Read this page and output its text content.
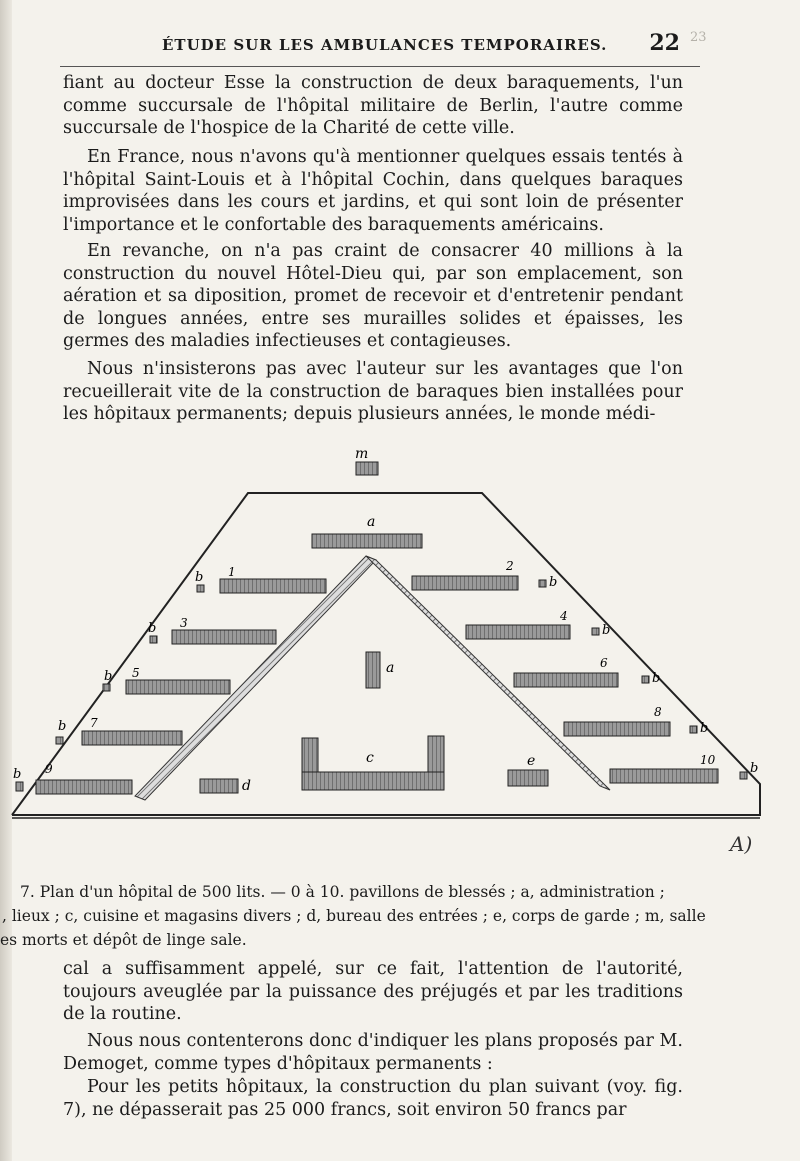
ÉTUDE SUR LES AMBULANCES TEMPORAIRES. 22 23

fiant au docteur Esse la construction de deux baraquements, l'un comme succursale de l'hôpital militaire de Berlin, l'autre comme succursale de l'hospice de la Charité de cette ville.

En France, nous n'avons qu'à mentionner quelques essais tentés à l'hôpital Saint-Louis et à l'hôpital Cochin, dans quelques baraques improvisées dans les cours et jardins, et qui sont loin de présenter l'importance et le confortable des baraquements américains.

En revanche, on n'a pas craint de consacrer 40 millions à la construction du nouvel Hôtel-Dieu qui, par son emplacement, son aération et sa diposition, promet de recevoir et d'entretenir pendant de longues années, entre ses murailles solides et épaisses, les germes des maladies infectieuses et contagieuses.

Nous n'insisterons pas avec l'auteur sur les avantages que l'on recueillerait vite de la construction de baraques bien installées pour les hôpitaux permanents; depuis plusieurs années, le monde médi-

m
a
a
1
3
5
7
9
2
4
6
8
10
b
b
b
b
b
b
b
b
b
b
d
c	e
A)
7. Plan d'un hôpital de 500 lits. — 0 à 10. pavillons de blessés ; a, administration ;
, lieux ; c, cuisine et magasins divers ; d, bureau des entrées ; e, corps de garde ; m, salle
es morts et dépôt de linge sale.

cal a suffisamment appelé, sur ce fait, l'attention de l'autorité, toujours aveuglée par la puissance des préjugés et par les traditions de la routine.

Nous nous contenterons donc d'indiquer les plans proposés par M. Demoget, comme types d'hôpitaux permanents :

Pour les petits hôpitaux, la construction du plan suivant (voy. fig. 7), ne dépasserait pas 25 000 francs, soit environ 50 francs par
